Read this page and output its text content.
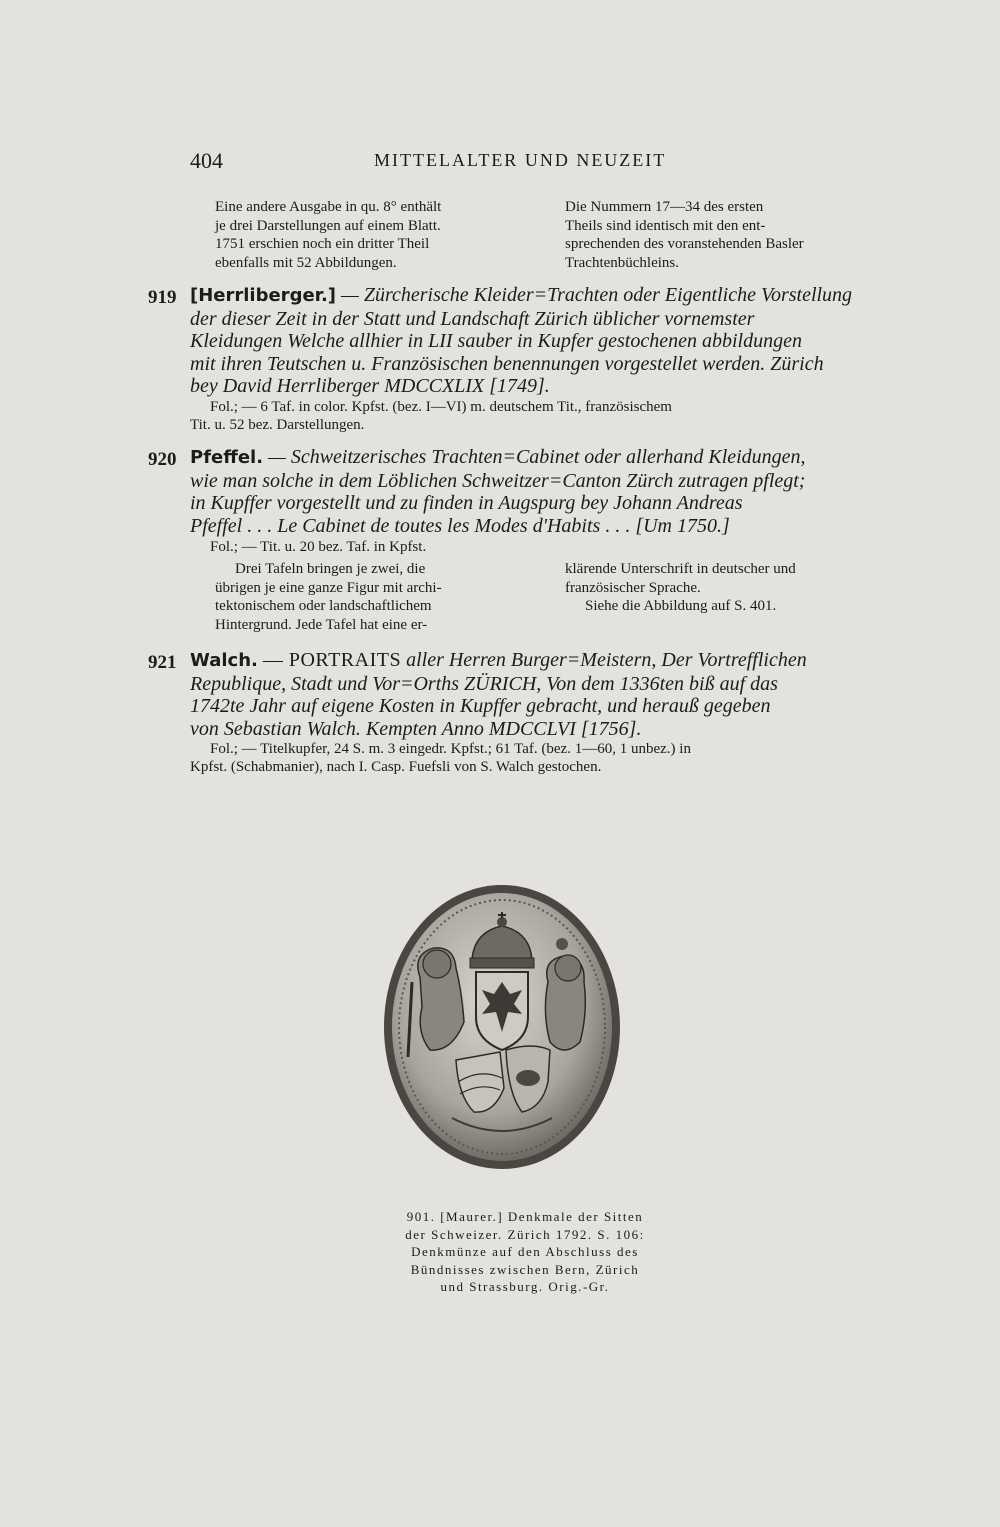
404	MITTELALTER UND NEUZEIT

Eine andere Ausgabe in qu. 8° enthält

je drei Darstellungen auf einem Blatt.

1751 erschien noch ein dritter Theil

ebenfalls mit 52 Abbildungen.

Die Nummern 17—34 des ersten

Theils sind identisch mit den ent-

sprechenden des voranstehenden Basler

Trachtenbüchleins.

919 [Herrliberger.] — Zürcherische Kleider=Trachten oder Eigentliche Vorstellung

der dieser Zeit in der Statt und Landschaft Zürich üblicher vornemster

Kleidungen Welche allhier in LII sauber in Kupfer gestochenen abbildungen

mit ihren Teutschen u. Französischen benennungen vorgestellet werden. Zürich

bey David Herrliberger MDCCXLIX [1749].

Fol.; — 6 Taf. in color. Kpfst. (bez. I—VI) m. deutschem Tit., französischem

Tit. u. 52 bez. Darstellungen.

920 Pfeffel. — Schweitzerisches Trachten=Cabinet oder allerhand Kleidungen,

wie man solche in dem Löblichen Schweitzer=Canton Zürch zutragen pflegt;

in Kupffer vorgestellt und zu finden in Augspurg bey Johann Andreas

Pfeffel . . . Le Cabinet de toutes les Modes d'Habits . . . [Um 1750.]

Fol.; — Tit. u. 20 bez. Taf. in Kpfst.

Drei Tafeln bringen je zwei, die

übrigen je eine ganze Figur mit archi-

tektonischem oder landschaftlichem

Hintergrund. Jede Tafel hat eine er-

klärende Unterschrift in deutscher und

französischer Sprache.

Siehe die Abbildung auf S. 401.

921 Walch. — PORTRAITS aller Herren Burger=Meistern, Der Vortrefflichen

Republique, Stadt und Vor=Orths ZÜRICH, Von dem 1336ten biß auf das

1742te Jahr auf eigene Kosten in Kupffer gebracht, und herauß gegeben

von Sebastian Walch. Kempten Anno MDCCLVI [1756].

Fol.; — Titelkupfer, 24 S. m. 3 eingedr. Kpfst.; 61 Taf. (bez. 1—60, 1 unbez.) in

Kpfst. (Schabmanier), nach I. Casp. Fuefsli von S. Walch gestochen.

901. [Maurer.] Denkmale der Sitten

der Schweizer. Zürich 1792. S. 106:

Denkmünze auf den Abschluss des

Bündnisses zwischen Bern, Zürich

und Strassburg. Orig.-Gr.
